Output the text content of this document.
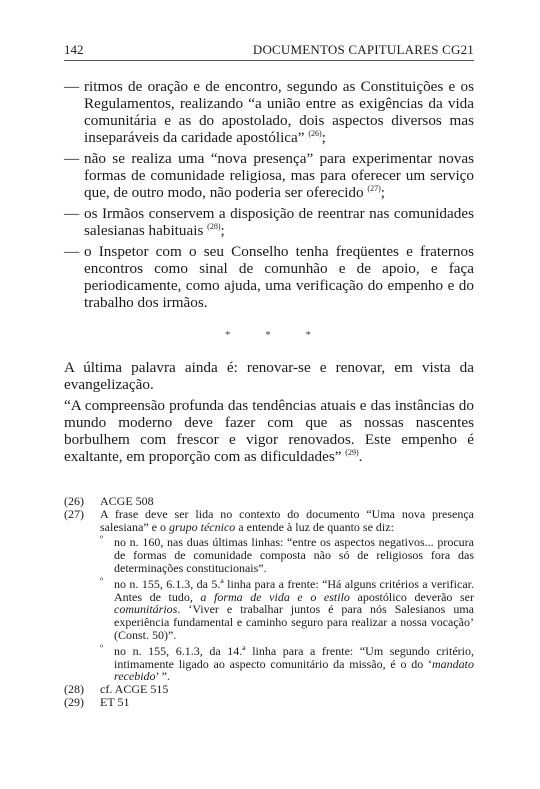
142	DOCUMENTOS CAPITULARES CG21
— ritmos de oração e de encontro, segundo as Constituições e os Regulamentos, realizando “a união entre as exigências da vida comunitária e as do apostolado, dois aspectos diversos mas inseparáveis da caridade apostólica” $^{(26)}$;
— não se realiza uma “nova presença” para experimentar novas formas de comunidade religiosa, mas para oferecer um serviço que, de outro modo, não poderia ser oferecido $^{(27)}$;
— os Irmãos conservem a disposição de reentrar nas comunidades salesianas habituais $^{(28)}$;
— o Inspetor com o seu Conselho tenha freqüentes e fraternos encontros como sinal de comunhão e de apoio, e faça periodicamente, como ajuda, uma verificação do empenho e do trabalho dos irmãos.
* * *

A última palavra ainda é: renovar-se e renovar, em vista da evangelização.

“A compreensão profunda das tendências atuais e das instâncias do mundo moderno deve fazer com que as nossas nascentes borbulhem com frescor e vigor renovados. Este empenho é exaltante, em proporção com as dificuldades” $^{(29)}$.

(26)	ACGE 508
(27)	A frase deve ser lida no contexto do documento “Uma nova presença salesiana” e o grupo técnico a entende à luz de quanto se diz:
º no n. 160, nas duas últimas linhas: “entre os aspectos negativos... procura de formas de comunidade composta não só de religiosos fora das determinações constitucionais”.
º no n. 155, 6.1.3, da 5.ª linha para a frente: “Há alguns critérios a verificar. Antes de tudo, a forma de vida e o estilo apostólico deverão ser comunitários. ‘Viver e trabalhar juntos é para nós Salesianos uma experiência fundamental e caminho seguro para realizar a nossa vocação’ (Const. 50)”.
º no n. 155, 6.1.3, da 14.ª linha para a frente: “Um segundo critério, intimamente ligado ao aspecto comunitário da missão, é o do ‘mandato recebido’ ”.
(28)	cf. ACGE 515
(29)	ET 51
